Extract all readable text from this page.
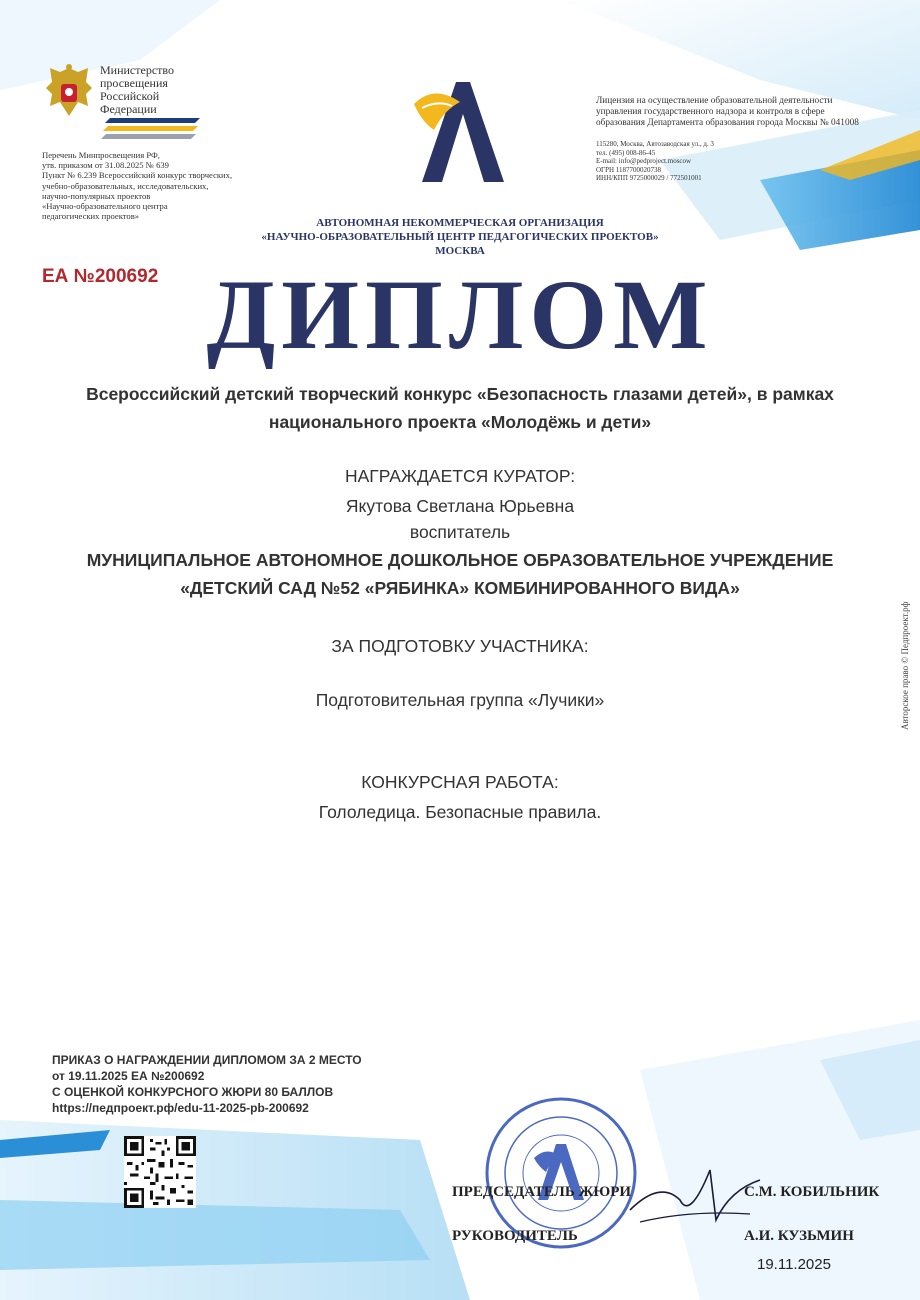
Министерство
просвещения
Российской
Федерации
Перечень Минпросвещения РФ,
утв. приказом от 31.08.2025 № 639
Пункт № 6.239 Всероссийский конкурс творческих,
учебно-образовательных, исследовательских,
научно-популярных проектов
«Научно-образовательного центра
педагогических проектов»
Лицензия на осуществление образовательной деятельности
управления государственного надзора и контроля в сфере
образования Департамента образования города Москвы № 041008
115280, Москва, Автозаводская ул., д. 3
тел. (495) 008-86-45
E-mail: info@pedproject.moscow
ОГРН 1187700020738
ИНН/КПП 9725000029 / 772501001
АВТОНОМНАЯ НЕКОММЕРЧЕСКАЯ ОРГАНИЗАЦИЯ
«НАУЧНО-ОБРАЗОВАТЕЛЬНЫЙ ЦЕНТР ПЕДАГОГИЧЕСКИХ ПРОЕКТОВ»
МОСКВА
ЕА №200692 ДИПЛОМ
Всероссийский детский творческий конкурс «Безопасность глазами детей», в рамках
национального проекта «Молодёжь и дети»
НАГРАЖДАЕТСЯ КУРАТОР:
Якутова Светлана Юрьевна
воспитатель
МУНИЦИПАЛЬНОЕ АВТОНОМНОЕ ДОШКОЛЬНОЕ ОБРАЗОВАТЕЛЬНОЕ УЧРЕЖДЕНИЕ
«ДЕТСКИЙ САД №52 «РЯБИНКА» КОМБИНИРОВАННОГО ВИДА»
ЗА ПОДГОТОВКУ УЧАСТНИКА:
Подготовительная группа «Лучики»
КОНКУРСНАЯ РАБОТА:
Гололедица. Безопасные правила.
ПРИКАЗ О НАГРАЖДЕНИИ ДИПЛОМОМ ЗА 2 МЕСТО
от 19.11.2025 ЕА №200692
С ОЦЕНКОЙ КОНКУРСНОГО ЖЮРИ 80 БАЛЛОВ
https://педпроект.рф/edu-11-2025-pb-200692
ПРЕДСЕДАТЕЛЬ ЖЮРИ	С.М. КОБИЛЬНИК
РУКОВОДИТЕЛЬ	А.И. КУЗЬМИН
19.11.2025
Авторское право © Педпроект.рф
